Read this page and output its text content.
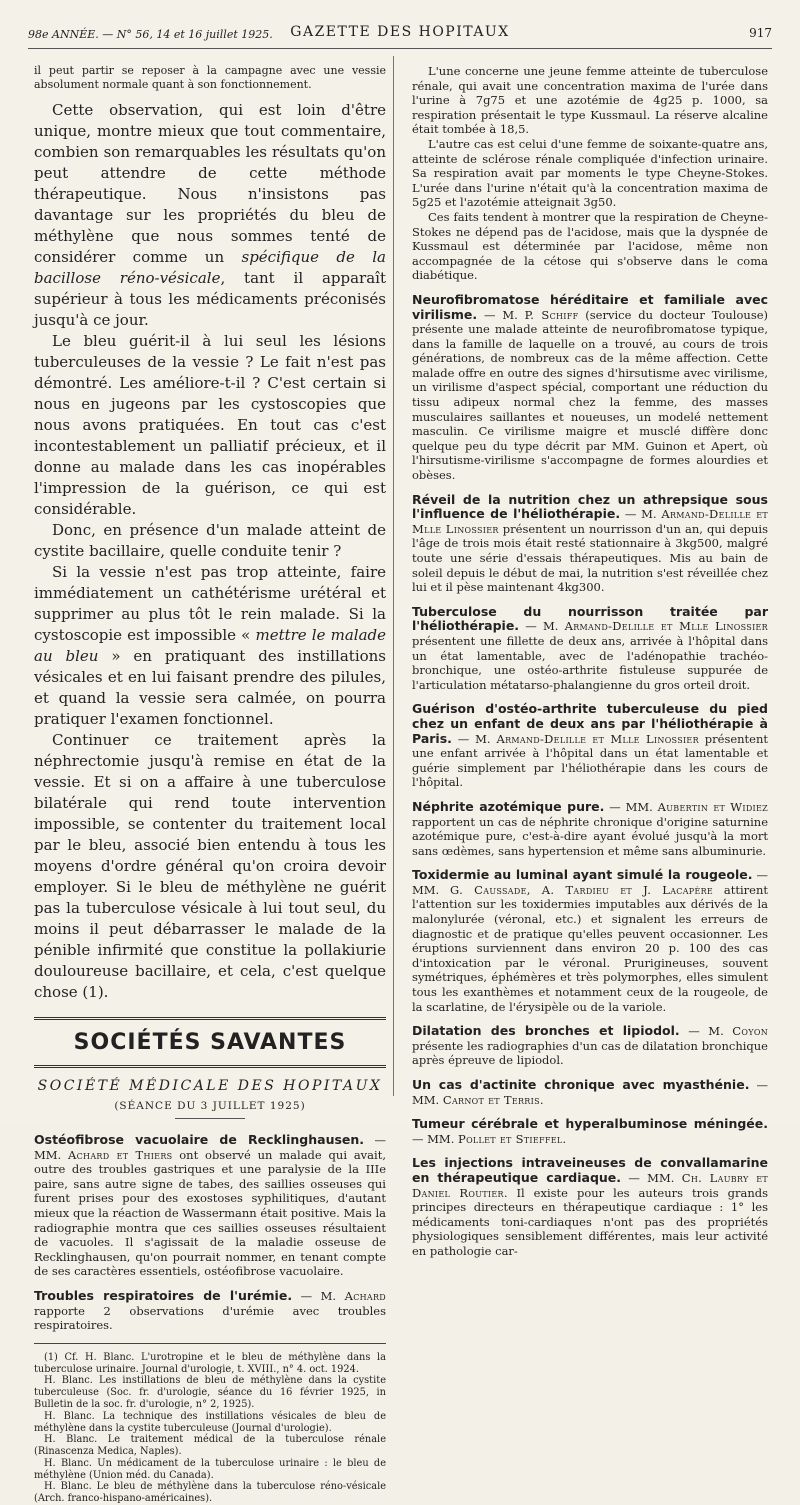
98e ANNÉE. — N° 56, 14 et 16 juillet 1925.	GAZETTE DES HOPITAUX	917

il peut partir se reposer à la campagne avec une vessie absolument normale quant à son fonctionnement.

Cette observation, qui est loin d'être unique, montre mieux que tout commentaire, combien son remarquables les résultats qu'on peut attendre de cette méthode thérapeutique. Nous n'insistons pas davantage sur les propriétés du bleu de méthylène que nous sommes tenté de considérer comme un spécifique de la bacillose réno-vésicale, tant il apparaît supérieur à tous les médicaments préconisés jusqu'à ce jour.

Le bleu guérit-il à lui seul les lésions tuberculeuses de la vessie ? Le fait n'est pas démontré. Les améliore-t-il ? C'est certain si nous en jugeons par les cystoscopies que nous avons pratiquées. En tout cas c'est incontestablement un palliatif précieux, et il donne au malade dans les cas inopérables l'impression de la guérison, ce qui est considérable.

Donc, en présence d'un malade atteint de cystite bacillaire, quelle conduite tenir ?

Si la vessie n'est pas trop atteinte, faire immédiatement un cathétérisme urétéral et supprimer au plus tôt le rein malade. Si la cystoscopie est impossible « mettre le malade au bleu » en pratiquant des instillations vésicales et en lui faisant prendre des pilules, et quand la vessie sera calmée, on pourra pratiquer l'examen fonctionnel.

Continuer ce traitement après la néphrectomie jusqu'à remise en état de la vessie. Et si on a affaire à une tuberculose bilatérale qui rend toute intervention impossible, se contenter du traitement local par le bleu, associé bien entendu à tous les moyens d'ordre général qu'on croira devoir employer. Si le bleu de méthylène ne guérit pas la tuberculose vésicale à lui tout seul, du moins il peut débarrasser le malade de la pénible infirmité que constitue la pollakiurie douloureuse bacillaire, et cela, c'est quelque chose (1).

SOCIÉTÉS SAVANTES
SOCIÉTÉ MÉDICALE DES HOPITAUX
(SÉANCE DU 3 JUILLET 1925)

Ostéofibrose vacuolaire de Recklinghausen. — MM. Achard et Thiers ont observé un malade qui avait, outre des troubles gastriques et une paralysie de la IIIe paire, sans autre signe de tabes, des saillies osseuses qui furent prises pour des exostoses syphilitiques, d'autant mieux que la réaction de Wassermann était positive. Mais la radiographie montra que ces saillies osseuses résultaient de vacuoles. Il s'agissait de la maladie osseuse de Recklinghausen, qu'on pourrait nommer, en tenant compte de ses caractères essentiels, ostéofibrose vacuolaire.

Troubles respiratoires de l'urémie. — M. Achard rapporte 2 observations d'urémie avec troubles respiratoires.

(1) Cf. H. Blanc. L'urotropine et le bleu de méthylène dans la tuberculose urinaire. Journal d'urologie, t. XVIII., n° 4. oct. 1924.

H. Blanc. Les instillations de bleu de méthylène dans la cystite tuberculeuse (Soc. fr. d'urologie, séance du 16 février 1925, in Bulletin de la soc. fr. d'urologie, n° 2, 1925).

H. Blanc. La technique des instillations vésicales de bleu de méthylène dans la cystite tuberculeuse (Journal d'urologie).

H. Blanc. Le traitement médical de la tuberculose rénale (Rinascenza Medica, Naples).

H. Blanc. Un médicament de la tuberculose urinaire : le bleu de méthylène (Union méd. du Canada).

H. Blanc. Le bleu de méthylène dans la tuberculose réno-vésicale (Arch. franco-hispano-américaines).

L'une concerne une jeune femme atteinte de tuberculose rénale, qui avait une concentration maxima de l'urée dans l'urine à 7g75 et une azotémie de 4g25 p. 1000, sa respiration présentait le type Kussmaul. La réserve alcaline était tombée à 18,5.

L'autre cas est celui d'une femme de soixante-quatre ans, atteinte de sclérose rénale compliquée d'infection urinaire. Sa respiration avait par moments le type Cheyne-Stokes. L'urée dans l'urine n'était qu'à la concentration maxima de 5g25 et l'azotémie atteignait 3g50.

Ces faits tendent à montrer que la respiration de Cheyne-Stokes ne dépend pas de l'acidose, mais que la dyspnée de Kussmaul est déterminée par l'acidose, même non accompagnée de la cétose qui s'observe dans le coma diabétique.

Neurofibromatose héréditaire et familiale avec virilisme. — M. P. Schiff (service du docteur Toulouse) présente une malade atteinte de neurofibromatose typique, dans la famille de laquelle on a trouvé, au cours de trois générations, de nombreux cas de la même affection. Cette malade offre en outre des signes d'hirsutisme avec virilisme, un virilisme d'aspect spécial, comportant une réduction du tissu adipeux normal chez la femme, des masses musculaires saillantes et noueuses, un modelé nettement masculin. Ce virilisme maigre et musclé diffère donc quelque peu du type décrit par MM. Guinon et Apert, où l'hirsutisme-virilisme s'accompagne de formes alourdies et obèses.

Réveil de la nutrition chez un athrepsique sous l'influence de l'héliothérapie. — M. Armand-Delille et Mlle Linossier présentent un nourrisson d'un an, qui depuis l'âge de trois mois était resté stationnaire à 3kg500, malgré toute une série d'essais thérapeutiques. Mis au bain de soleil depuis le début de mai, la nutrition s'est réveillée chez lui et il pèse maintenant 4kg300.

Tuberculose du nourrisson traitée par l'héliothérapie. — M. Armand-Delille et Mlle Linossier présentent une fillette de deux ans, arrivée à l'hôpital dans un état lamentable, avec de l'adénopathie trachéo-bronchique, une ostéo-arthrite fistuleuse suppurée de l'articulation métatarso-phalangienne du gros orteil droit.

Guérison d'ostéo-arthrite tuberculeuse du pied chez un enfant de deux ans par l'héliothérapie à Paris. — M. Armand-Delille et Mlle Linossier présentent une enfant arrivée à l'hôpital dans un état lamentable et guérie simplement par l'héliothérapie dans les cours de l'hôpital.

Néphrite azotémique pure. — MM. Aubertin et Widiez rapportent un cas de néphrite chronique d'origine saturnine azotémique pure, c'est-à-dire ayant évolué jusqu'à la mort sans œdèmes, sans hypertension et même sans albuminurie.

Toxidermie au luminal ayant simulé la rougeole. — MM. G. Caussade, A. Tardieu et J. Lacapère attirent l'attention sur les toxidermies imputables aux dérivés de la malonylurée (véronal, etc.) et signalent les erreurs de diagnostic et de pratique qu'elles peuvent occasionner. Les éruptions surviennent dans environ 20 p. 100 des cas d'intoxication par le véronal. Prurigineuses, souvent symétriques, éphémères et très polymorphes, elles simulent tous les exanthèmes et notamment ceux de la rougeole, de la scarlatine, de l'érysipèle ou de la variole.

Dilatation des bronches et lipiodol. — M. Coyon présente les radiographies d'un cas de dilatation bronchique après épreuve de lipiodol.

Un cas d'actinite chronique avec myasthénie. — MM. Carnot et Terris.

Tumeur cérébrale et hyperalbuminose méningée. — MM. Pollet et Stieffel.

Les injections intraveineuses de convallamarine en thérapeutique cardiaque. — MM. Ch. Laubry et Daniel Routier. Il existe pour les auteurs trois grands principes directeurs en thérapeutique cardiaque : 1° les médicaments toni-cardiaques n'ont pas des propriétés physiologiques sensiblement différentes, mais leur activité en pathologie car-
